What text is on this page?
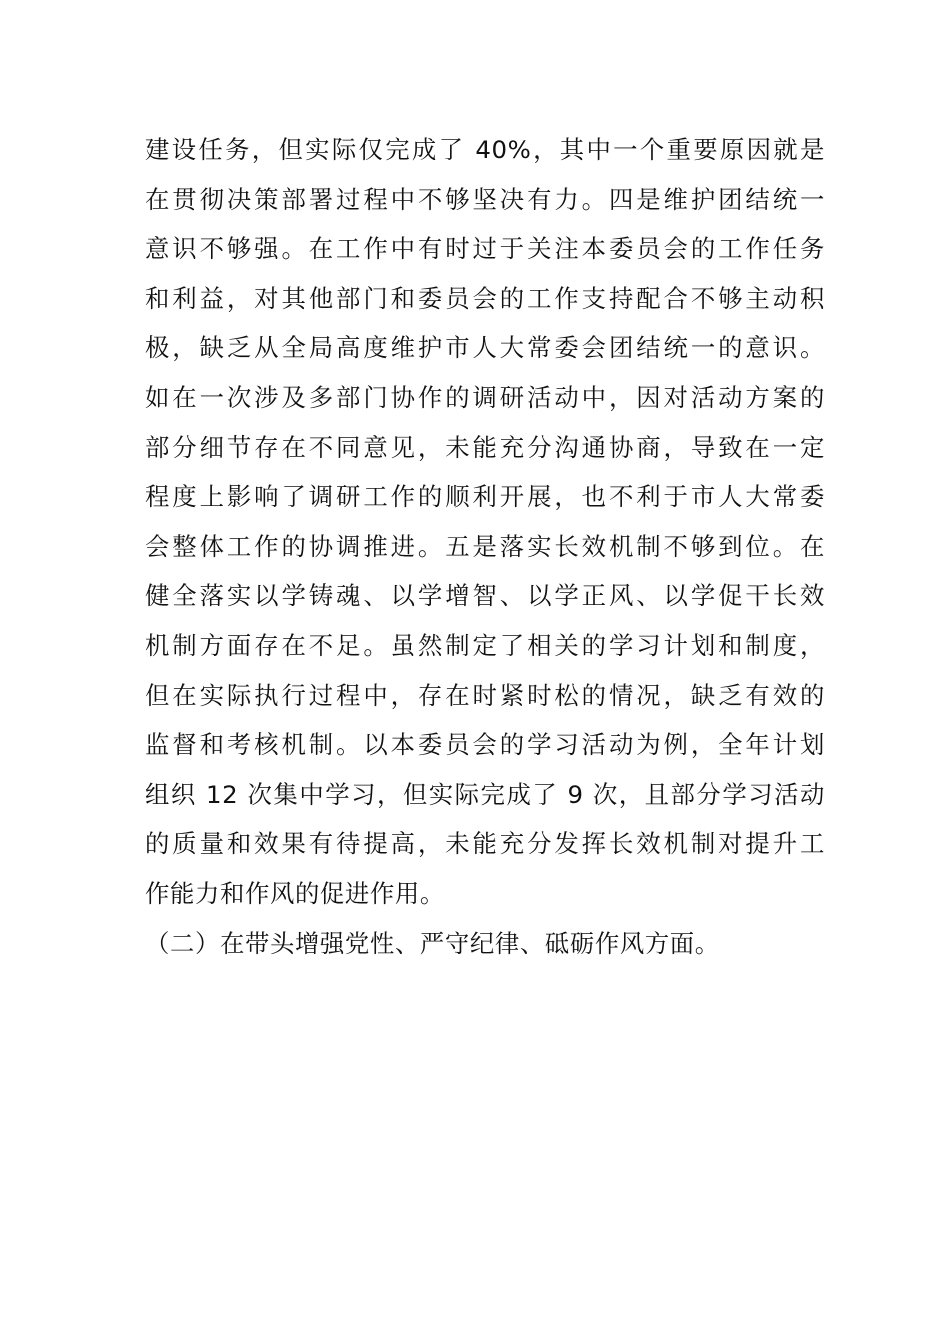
建设任务，但实际仅完成了 40%，其中一个重要原因就是
在贯彻决策部署过程中不够坚决有力。四是维护团结统一
意识不够强。在工作中有时过于关注本委员会的工作任务
和利益，对其他部门和委员会的工作支持配合不够主动积
极，缺乏从全局高度维护市人大常委会团结统一的意识。
如在一次涉及多部门协作的调研活动中，因对活动方案的
部分细节存在不同意见，未能充分沟通协商，导致在一定
程度上影响了调研工作的顺利开展，也不利于市人大常委
会整体工作的协调推进。五是落实长效机制不够到位。在
健全落实以学铸魂、以学增智、以学正风、以学促干长效
机制方面存在不足。虽然制定了相关的学习计划和制度，
但在实际执行过程中，存在时紧时松的情况，缺乏有效的
监督和考核机制。以本委员会的学习活动为例，全年计划
组织 12 次集中学习，但实际完成了 9 次，且部分学习活动
的质量和效果有待提高，未能充分发挥长效机制对提升工
作能力和作风的促进作用。
（二）在带头增强党性、严守纪律、砥砺作风方面。
